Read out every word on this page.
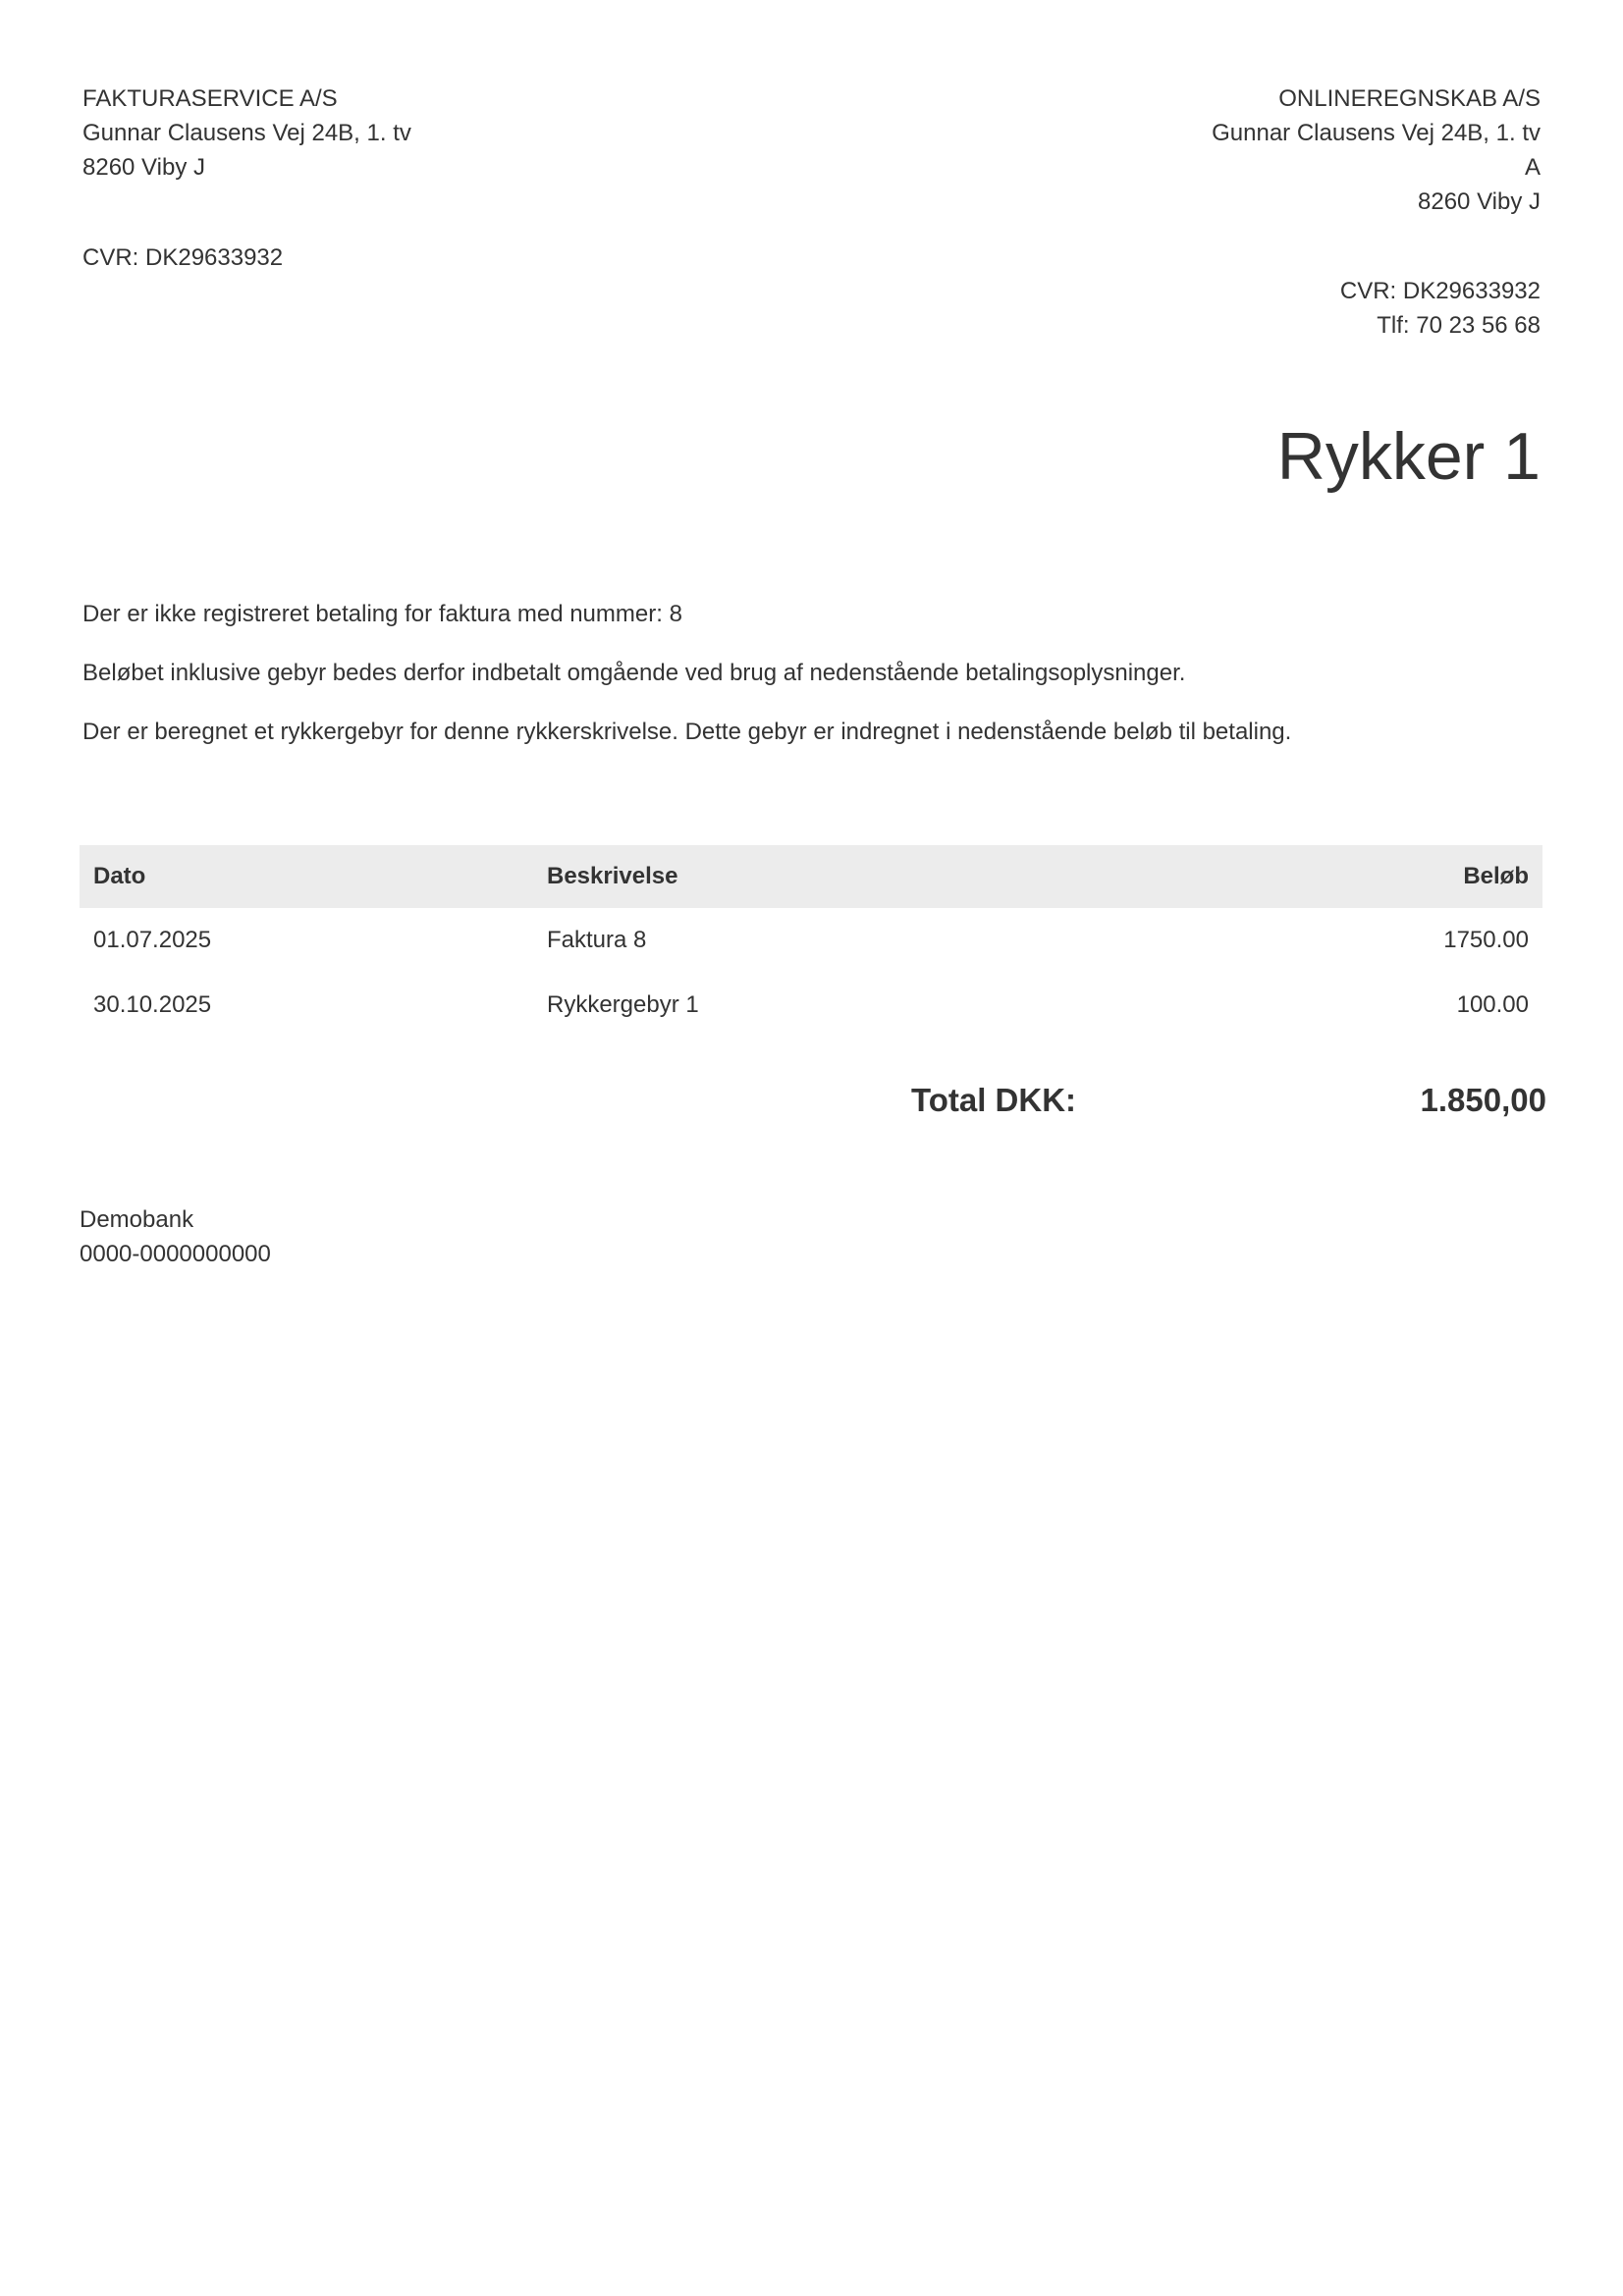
FAKTURASERVICE A/S
Gunnar Clausens Vej 24B, 1. tv
8260 Viby J
CVR: DK29633932
ONLINEREGNSKAB A/S
Gunnar Clausens Vej 24B, 1. tv
A
8260 Viby J
CVR: DK29633932
Tlf: 70 23 56 68
Rykker 1

Der er ikke registreret betaling for faktura med nummer: 8

Beløbet inklusive gebyr bedes derfor indbetalt omgående ved brug af nedenstående betalingsoplysninger.

Der er beregnet et rykkergebyr for denne rykkerskrivelse. Dette gebyr er indregnet i nedenstående beløb til betaling.

Dato	Beskrivelse	Beløb
01.07.2025	Faktura 8	1750.00
30.10.2025	Rykkergebyr 1	100.00
Total DKK:	1.850,00
Demobank
0000-0000000000
